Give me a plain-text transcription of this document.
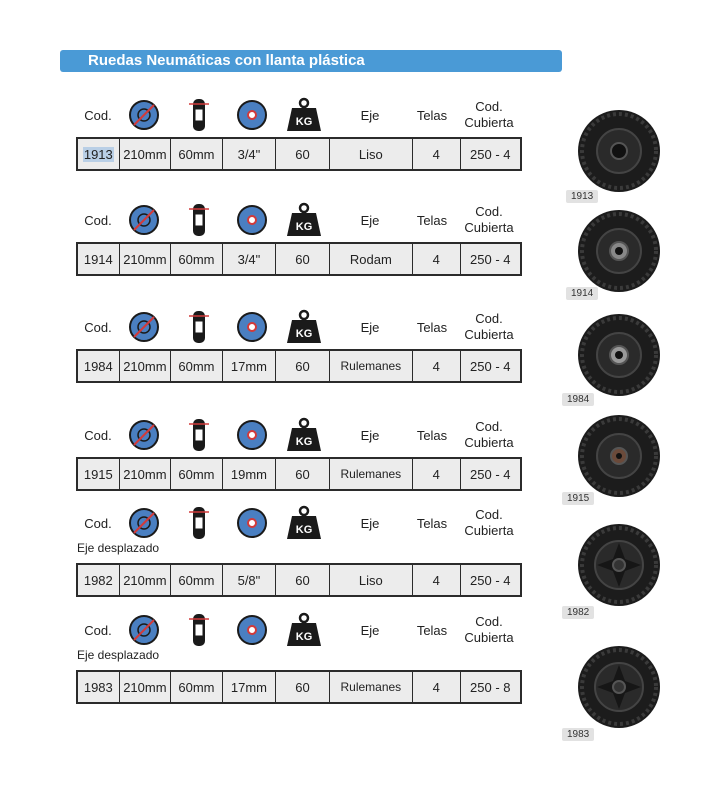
Ruedas Neumáticas con llanta plástica
Cod.	KG	Eje	Telas
Cod.
Cubierta
1913 210mm 60mm	3/4"	60	Liso	4	250 - 4
Cod.	KG	Eje	Telas
Cod.
Cubierta
1914 210mm 60mm	3/4"	60	Rodam	4	250 - 4
Cod.	KG	Eje	Telas
Cod.
Cubierta
1984 210mm 60mm	17mm	60	Rulemanes	4	250 - 4
Cod.	KG	Eje	Telas
Cod.
Cubierta
1915 210mm 60mm	19mm	60	Rulemanes	4	250 - 4
Cod.	KG	Eje	Telas
Cod.
Cubierta
Eje desplazado
1982 210mm 60mm	5/8"	60	Liso	4	250 - 4
Cod.	KG	Eje	Telas
Cod.
Cubierta
Eje desplazado
1983 210mm 60mm	17mm	60	Rulemanes	4	250 - 8
1913
1914
1984
1915
1982
1983
